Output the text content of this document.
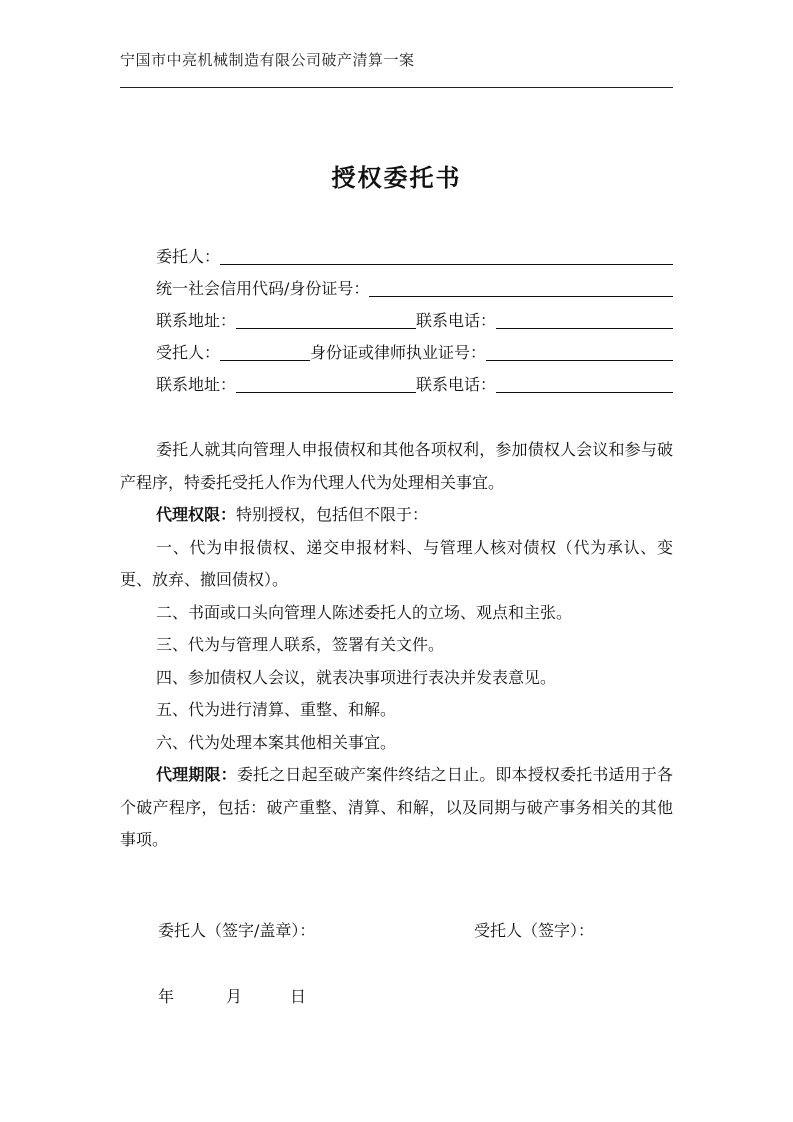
宁国市中亮机械制造有限公司破产清算一案
授权委托书
委托人：
统一社会信用代码/身份证号：
联系地址：	联系电话：
受托人：	身份证或律师执业证号：
联系地址：	联系电话：

委托人就其向管理人申报债权和其他各项权利，参加债权人会议和参与破产程序，特委托受托人作为代理人代为处理相关事宜。

代理权限：特别授权，包括但不限于：

一、代为申报债权、递交申报材料、与管理人核对债权（代为承认、变更、放弃、撤回债权）。

二、书面或口头向管理人陈述委托人的立场、观点和主张。

三、代为与管理人联系，签署有关文件。

四、参加债权人会议，就表决事项进行表决并发表意见。

五、代为进行清算、重整、和解。

六、代为处理本案其他相关事宜。

代理期限：委托之日起至破产案件终结之日止。即本授权委托书适用于各个破产程序，包括：破产重整、清算、和解，以及同期与破产事务相关的其他事项。

委托人（签字/盖章）：	受托人（签字）：
年	月	日
